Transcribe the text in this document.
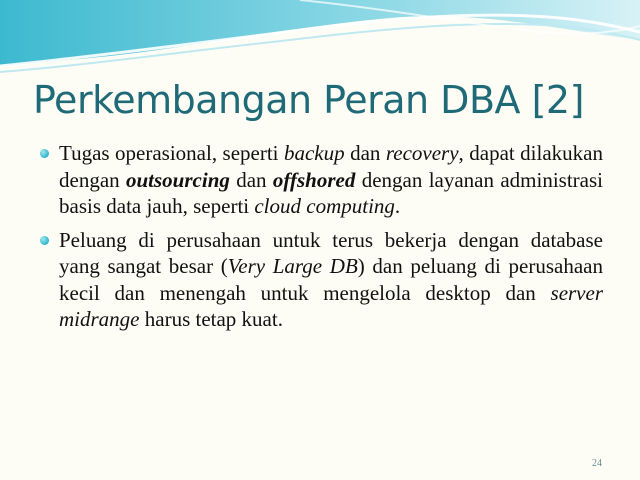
Perkembangan Peran DBA [2]
Tugas operasional, seperti backup dan recovery, dapat dilakukan dengan outsourcing dan offshored dengan layanan administrasi basis data jauh, seperti cloud computing.
Peluang di perusahaan untuk terus bekerja dengan database yang sangat besar (Very Large DB) dan peluang di perusahaan kecil dan menengah untuk mengelola desktop dan server midrange harus tetap kuat.
24
